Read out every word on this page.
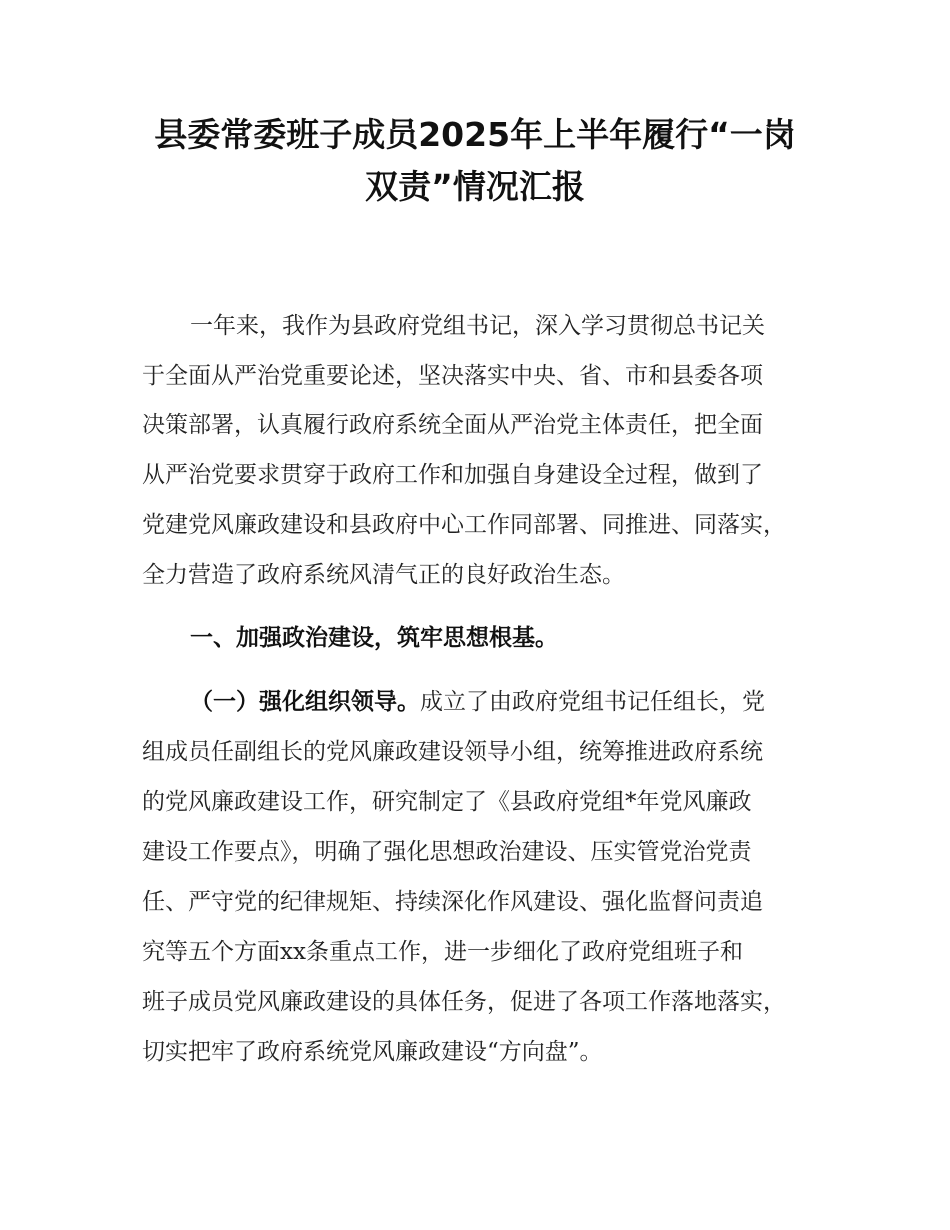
县委常委班子成员2025年上半年履行“一岗
双责”情况汇报
一年来，我作为县政府党组书记，深入学习贯彻总书记关
于全面从严治党重要论述，坚决落实中央、省、市和县委各项
决策部署，认真履行政府系统全面从严治党主体责任，把全面
从严治党要求贯穿于政府工作和加强自身建设全过程，做到了
党建党风廉政建设和县政府中心工作同部署、同推进、同落实，
全力营造了政府系统风清气正的良好政治生态。
一、加强政治建设，筑牢思想根基。
（一）强化组织领导。成立了由政府党组书记任组长，党
组成员任副组长的党风廉政建设领导小组，统筹推进政府系统
的党风廉政建设工作，研究制定了《县政府党组*年党风廉政
建设工作要点》，明确了强化思想政治建设、压实管党治党责
任、严守党的纪律规矩、持续深化作风建设、强化监督问责追
究等五个方面xx条重点工作，进一步细化了政府党组班子和
班子成员党风廉政建设的具体任务，促进了各项工作落地落实，
切实把牢了政府系统党风廉政建设“方向盘”。
